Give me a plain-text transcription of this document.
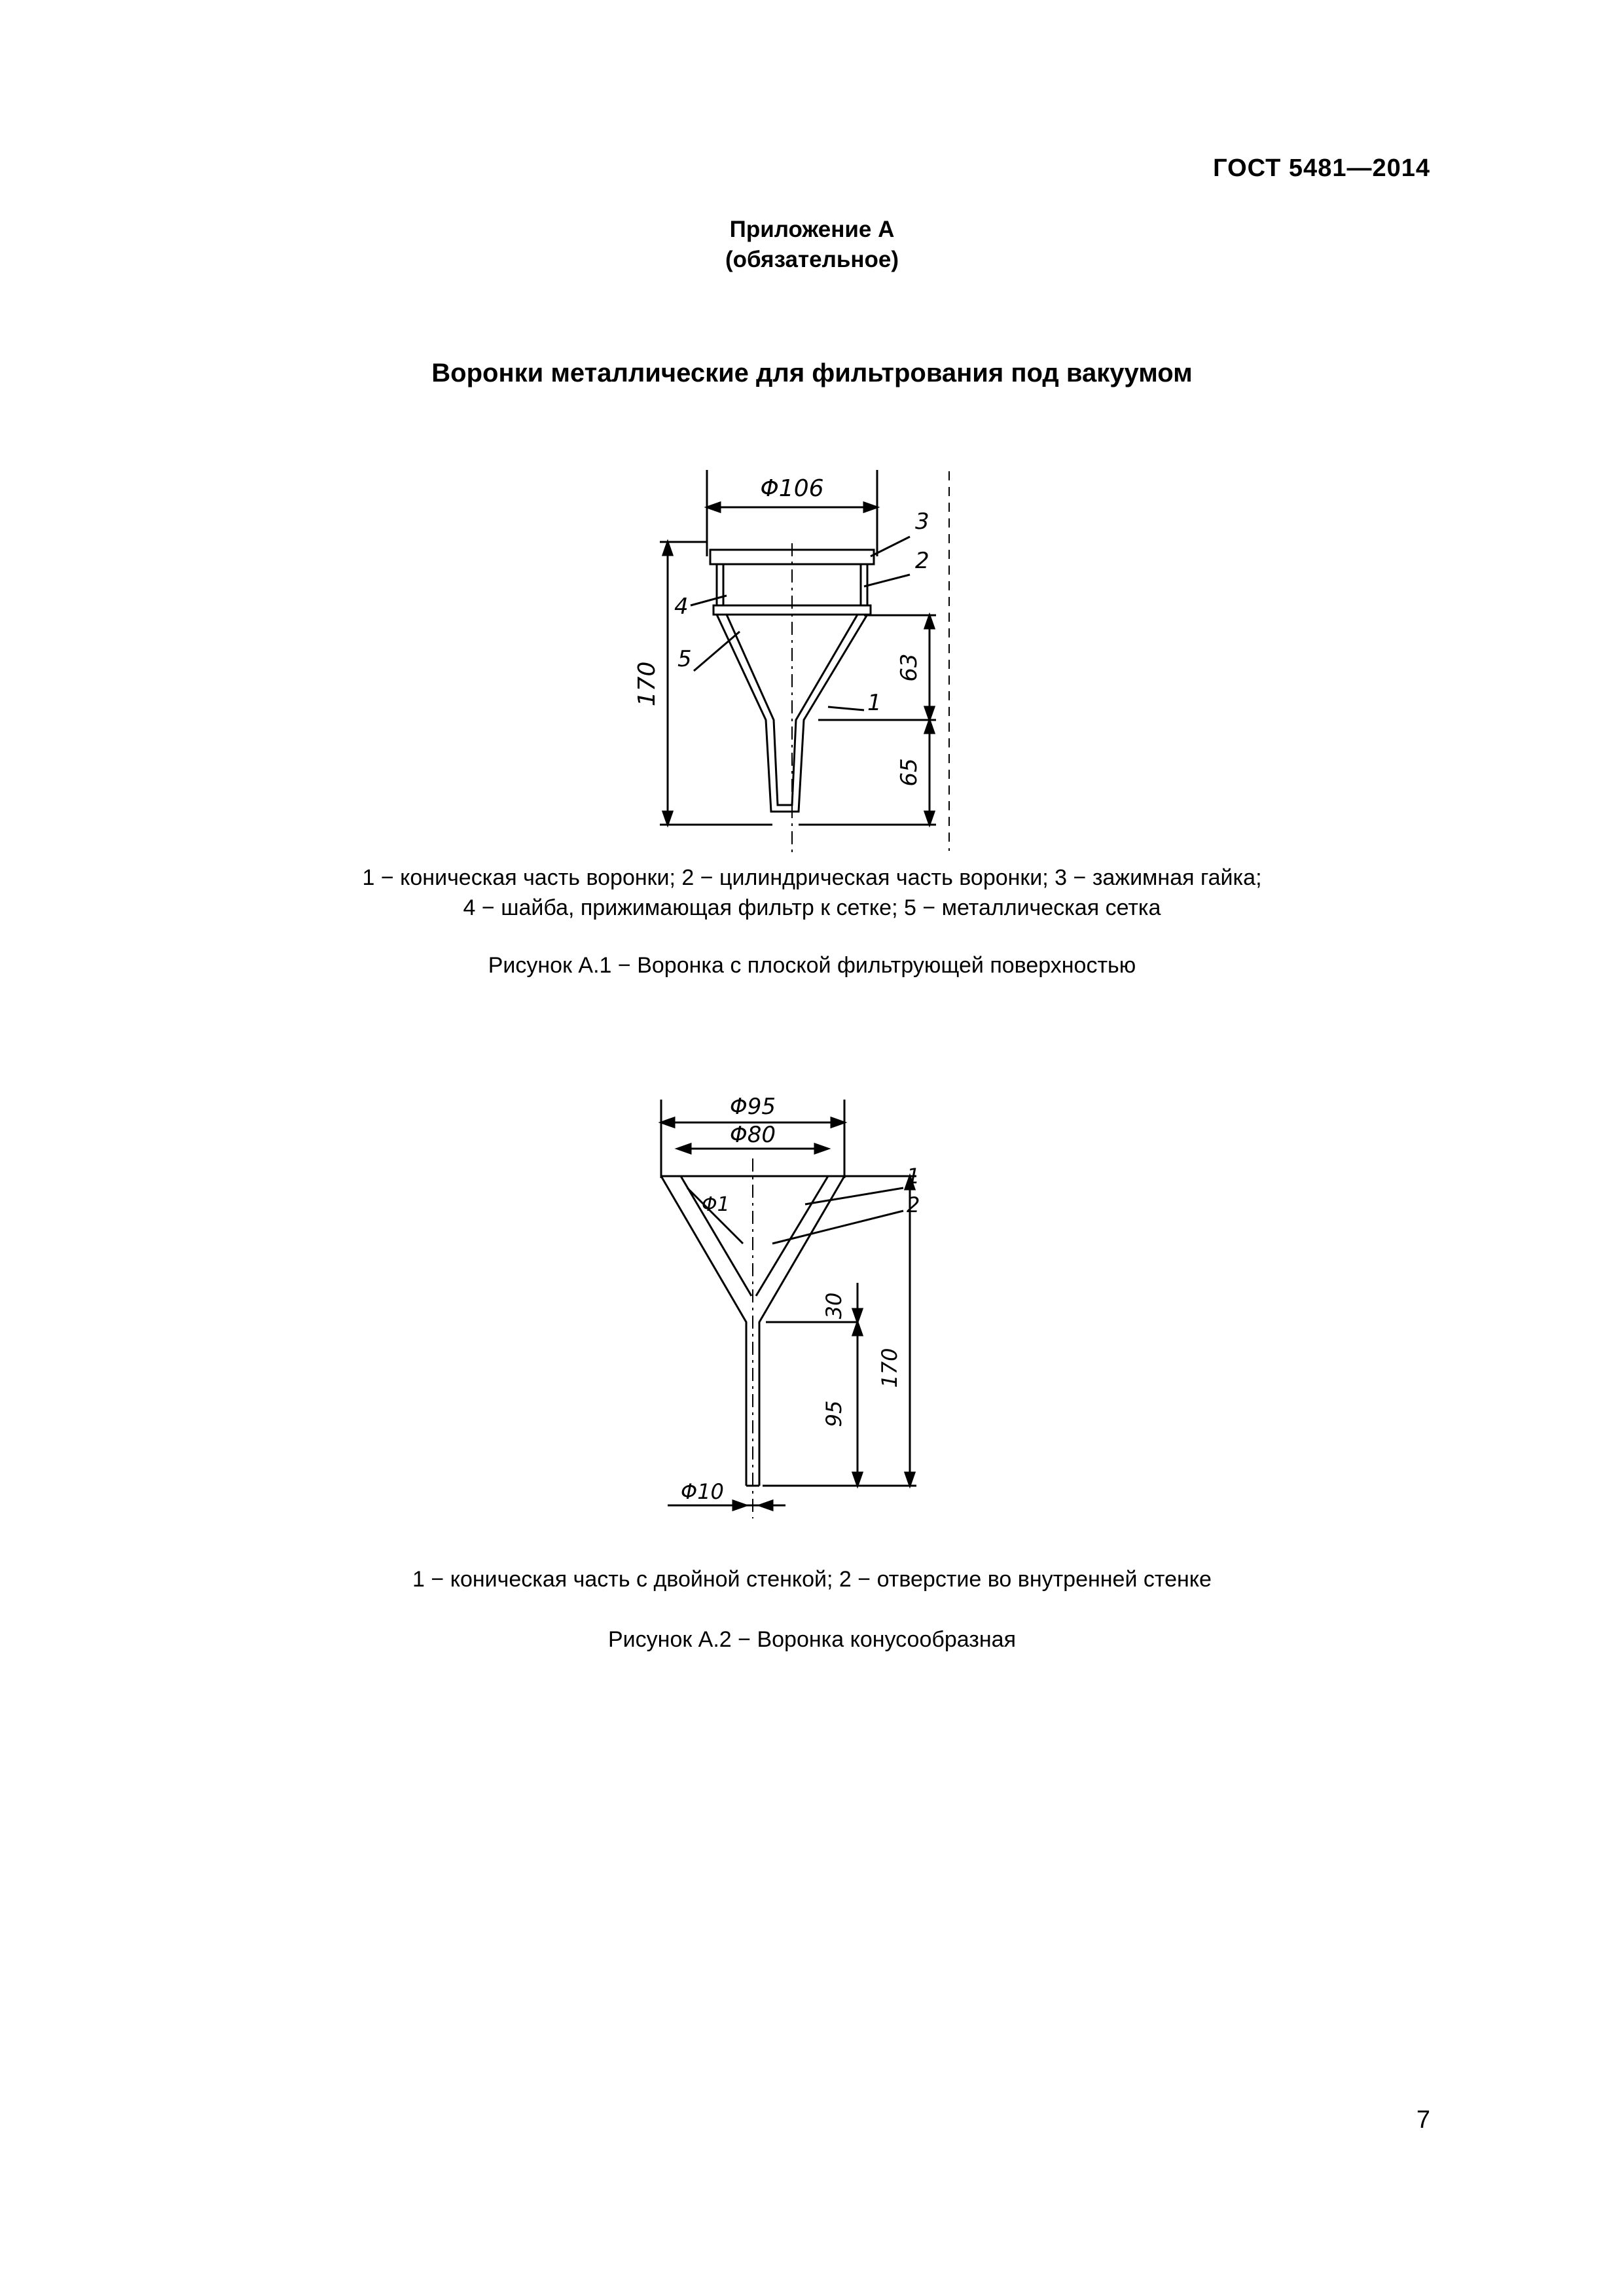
ГОСТ 5481—2014
Приложение А
(обязательное)
Воронки металлические для фильтрования под вакуумом
Φ106
170	63
65
3
2
4
5
1
1 − коническая часть воронки; 2 − цилиндрическая часть воронки; 3 − зажимная гайка;
4 − шайба, прижимающая фильтр к сетке; 5 − металлическая сетка
Рисунок А.1 − Воронка с плоской фильтрующей поверхностью
Φ95
Φ80
Φ1
30
95
170
Φ10
1
2
1 − коническая часть с двойной стенкой; 2 − отверстие во внутренней стенке
Рисунок А.2 − Воронка конусообразная
7
